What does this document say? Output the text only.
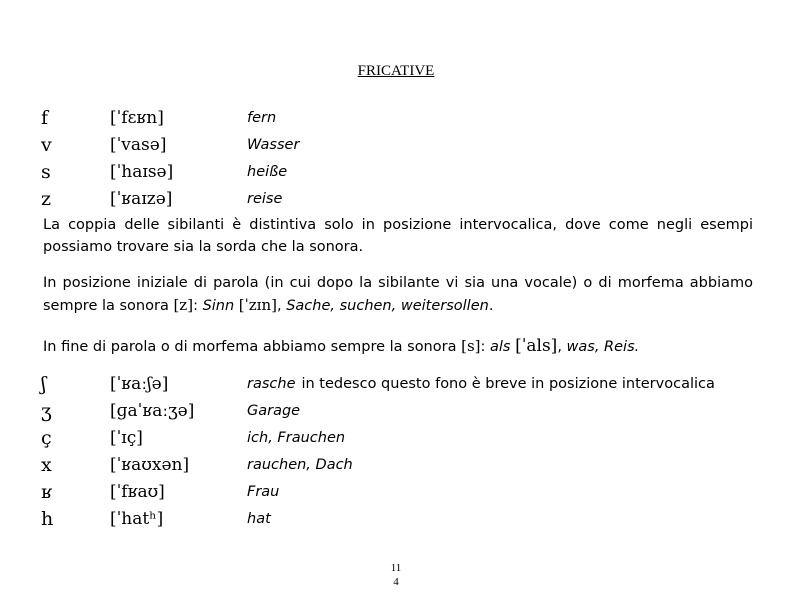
FRICATIVE
f	[ˈfɛʁn]	fern
v	[ˈvasə]	Wasser
s	[ˈhaɪsə]	heiße
z	[ˈʁaɪzə]	reise
La coppia delle sibilanti è distintiva solo in posizione intervocalica, dove come negli esempi possiamo trovare sia la sorda che la sonora.
In posizione iniziale di parola (in cui dopo la sibilante vi sia una vocale) o di morfema abbiamo sempre la sonora [z]: Sinn [ˈzɪn], Sache, suchen, weitersollen.
In fine di parola o di morfema abbiamo sempre la sonora [s]: als [ˈals], was, Reis.
ʃ	[ˈʁaːʃə]	rasche in tedesco questo fono è breve in posizione intervocalica
ʒ	[ɡaˈʁaːʒə]	Garage
ç	[ˈɪç]	ich, Frauchen
x	[ˈʁaʊxən]	rauchen, Dach
ʁ	[ˈfʁaʊ]	Frau
h	[ˈhatʰ]	hat
11
4
